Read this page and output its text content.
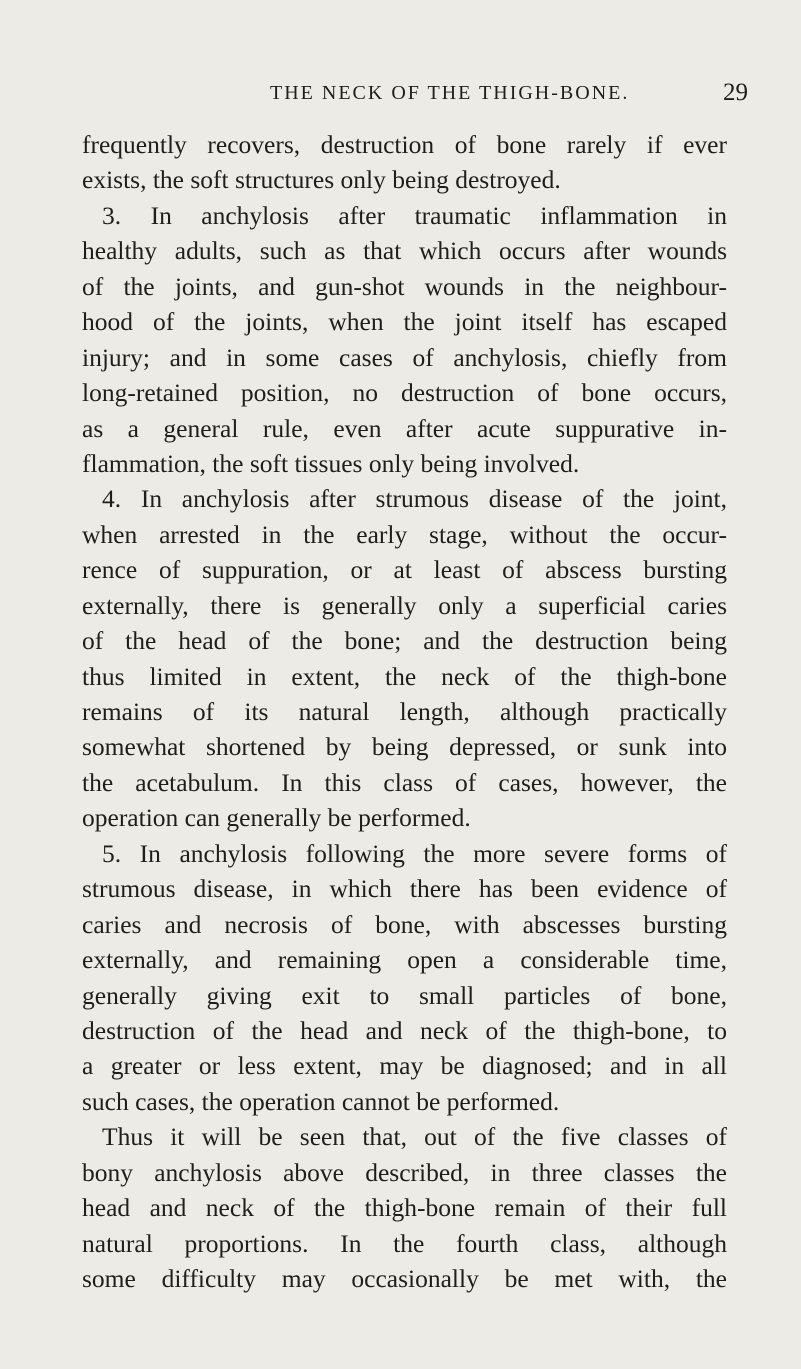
THE NECK OF THE THIGH-BONE.	29
frequently recovers, destruction of bone rarely if ever
exists, the soft structures only being destroyed.
3. In anchylosis after traumatic inflammation in
healthy adults, such as that which occurs after wounds
of the joints, and gun-shot wounds in the neighbour-
hood of the joints, when the joint itself has escaped
injury; and in some cases of anchylosis, chiefly from
long-retained position, no destruction of bone occurs,
as a general rule, even after acute suppurative in-
flammation, the soft tissues only being involved.
4. In anchylosis after strumous disease of the joint,
when arrested in the early stage, without the occur-
rence of suppuration, or at least of abscess bursting
externally, there is generally only a superficial caries
of the head of the bone; and the destruction being
thus limited in extent, the neck of the thigh-bone
remains of its natural length, although practically
somewhat shortened by being depressed, or sunk into
the acetabulum. In this class of cases, however, the
operation can generally be performed.
5. In anchylosis following the more severe forms of
strumous disease, in which there has been evidence of
caries and necrosis of bone, with abscesses bursting
externally, and remaining open a considerable time,
generally giving exit to small particles of bone,
destruction of the head and neck of the thigh-bone, to
a greater or less extent, may be diagnosed; and in all
such cases, the operation cannot be performed.
Thus it will be seen that, out of the five classes of
bony anchylosis above described, in three classes the
head and neck of the thigh-bone remain of their full
natural proportions. In the fourth class, although
some difficulty may occasionally be met with, the
